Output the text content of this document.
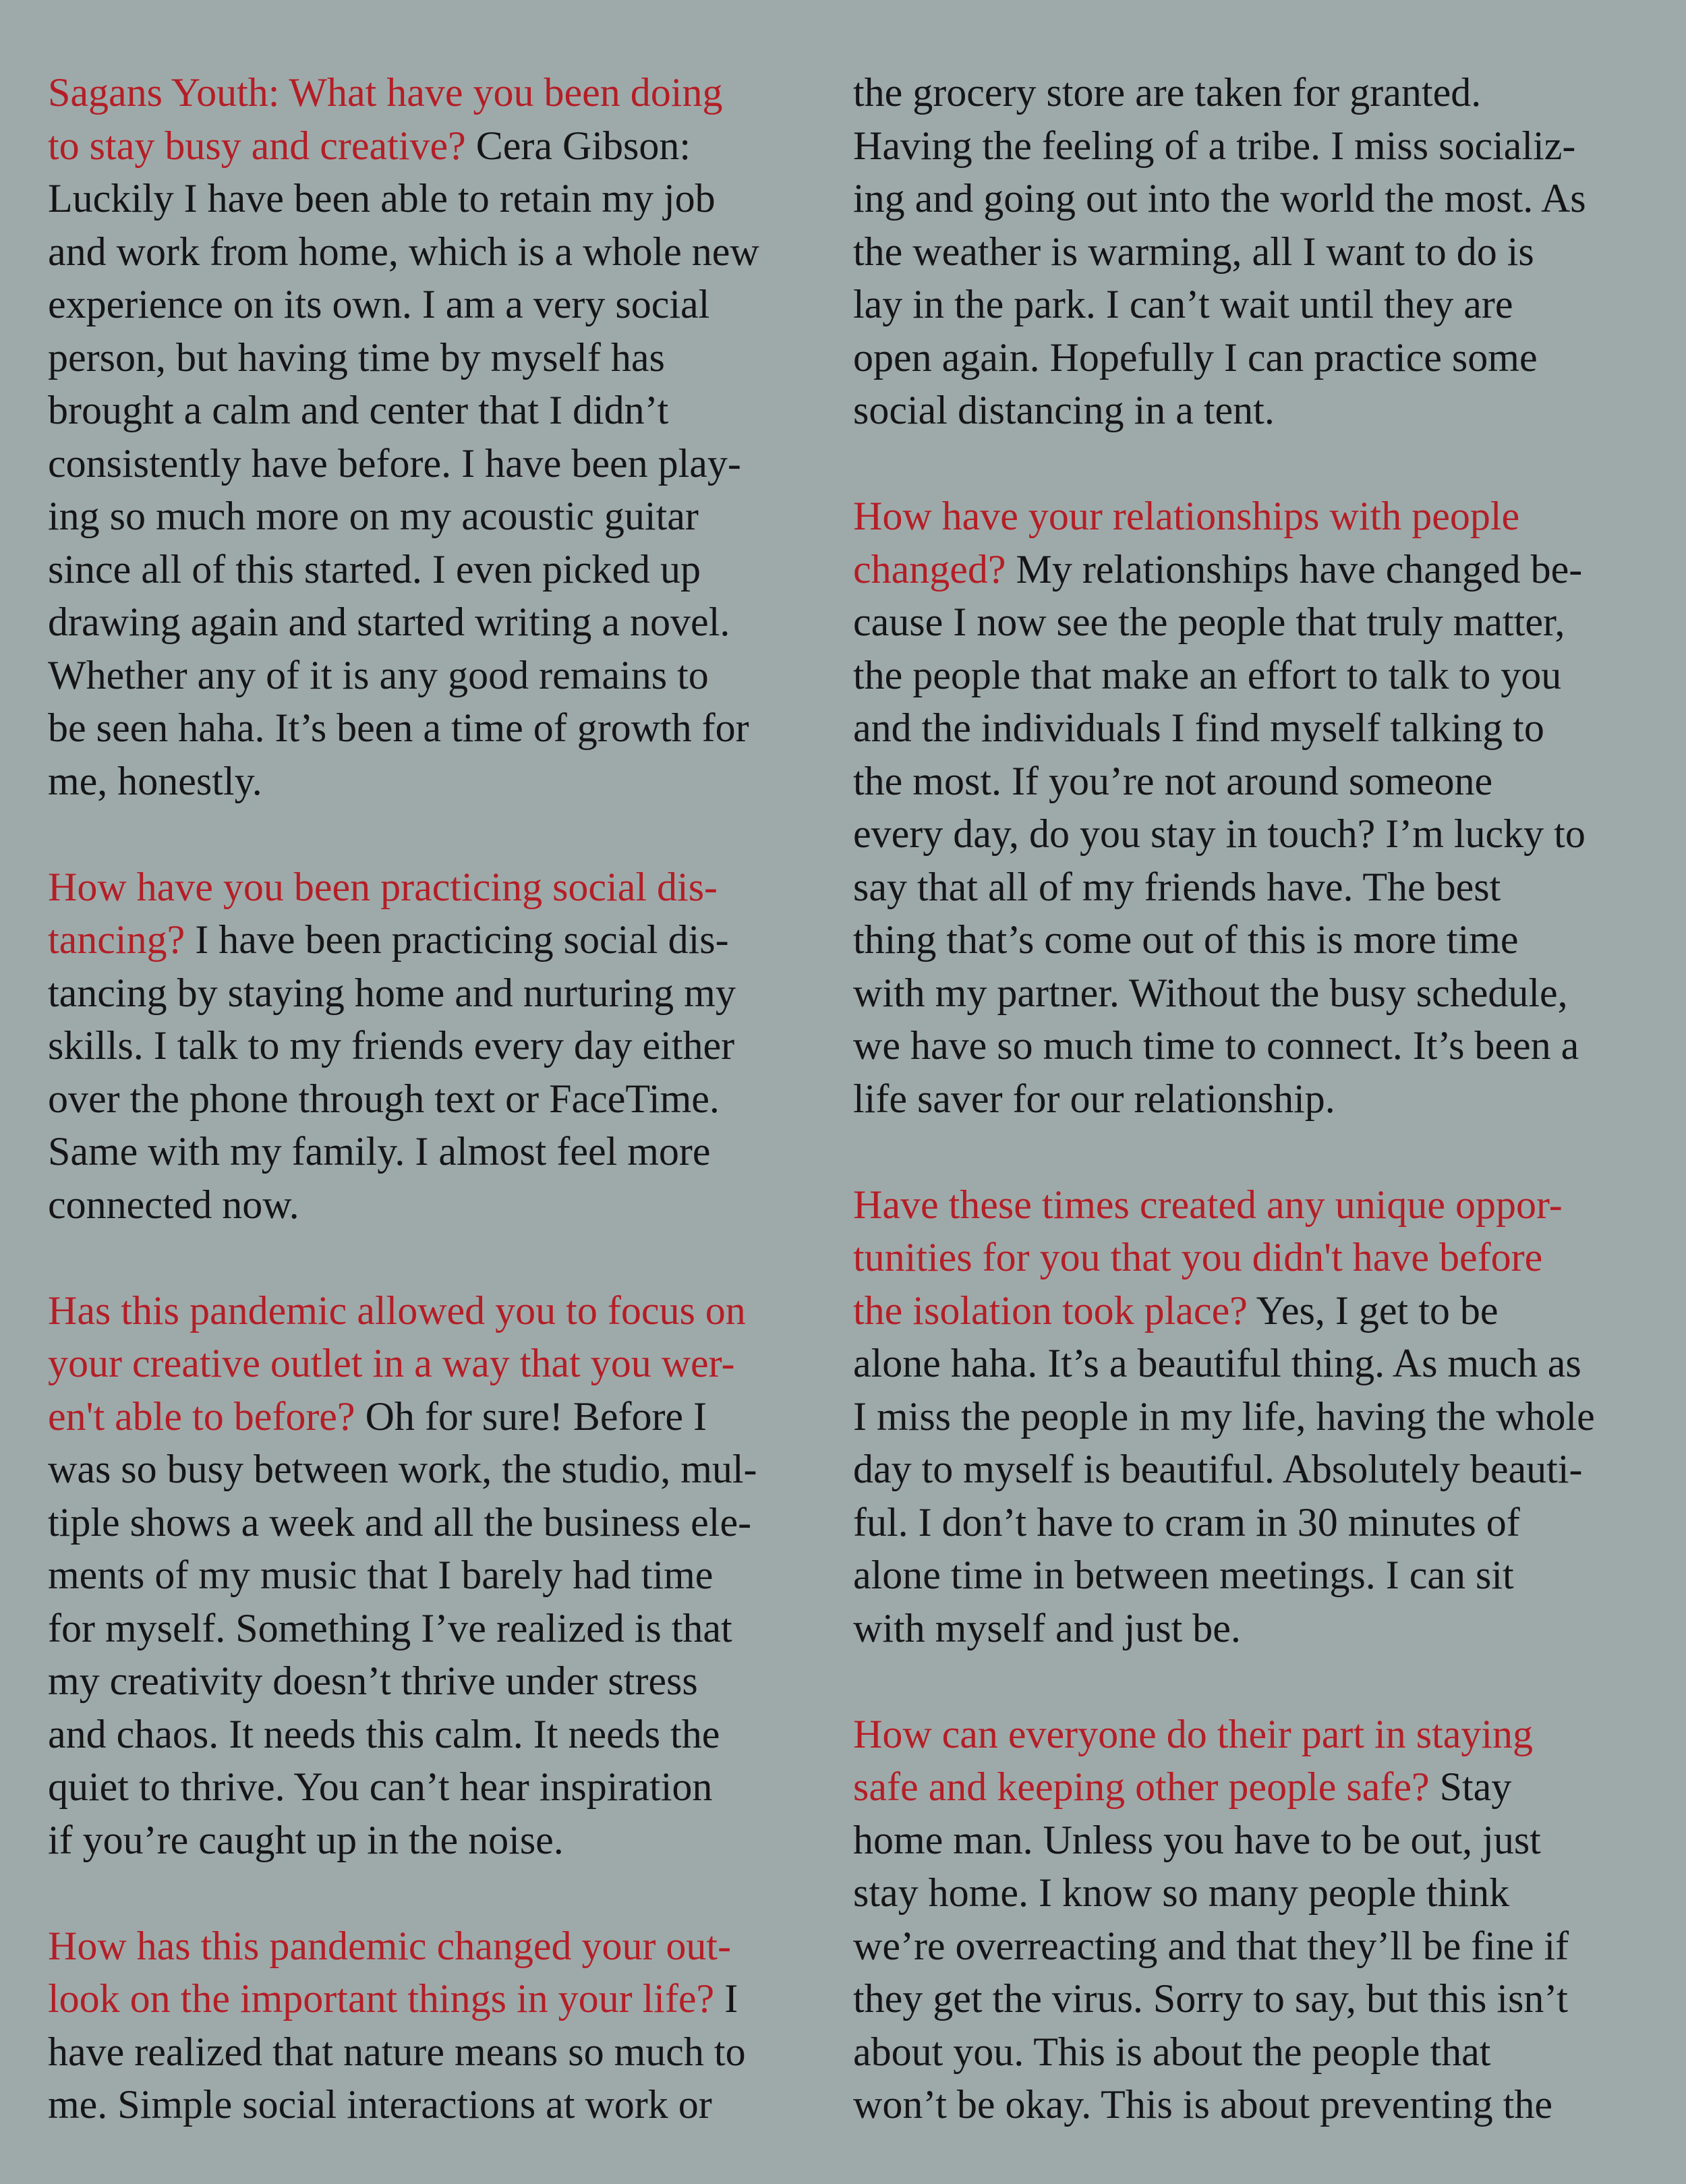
Sagans Youth: What have you been doing
to stay busy and creative? Cera Gibson:
Luckily I have been able to retain my job
and work from home, which is a whole new
experience on its own. I am a very social
person, but having time by myself has
brought a calm and center that I didn’t
consistently have before. I have been play-
ing so much more on my acoustic guitar
since all of this started. I even picked up
drawing again and started writing a novel.
Whether any of it is any good remains to
be seen haha. It’s been a time of growth for
me, honestly.
How have you been practicing social dis-
tancing? I have been practicing social dis-
tancing by staying home and nurturing my
skills. I talk to my friends every day either
over the phone through text or FaceTime.
Same with my family. I almost feel more
connected now.
Has this pandemic allowed you to focus on
your creative outlet in a way that you wer-
en't able to before? Oh for sure! Before I
was so busy between work, the studio, mul-
tiple shows a week and all the business ele-
ments of my music that I barely had time
for myself. Something I’ve realized is that
my creativity doesn’t thrive under stress
and chaos. It needs this calm. It needs the
quiet to thrive. You can’t hear inspiration
if you’re caught up in the noise.
How has this pandemic changed your out-
look on the important things in your life? I
have realized that nature means so much to
me. Simple social interactions at work or
the grocery store are taken for granted.
Having the feeling of a tribe. I miss socializ-
ing and going out into the world the most. As
the weather is warming, all I want to do is
lay in the park. I can’t wait until they are
open again. Hopefully I can practice some
social distancing in a tent.
How have your relationships with people
changed? My relationships have changed be-
cause I now see the people that truly matter,
the people that make an effort to talk to you
and the individuals I find myself talking to
the most. If you’re not around someone
every day, do you stay in touch? I’m lucky to
say that all of my friends have. The best
thing that’s come out of this is more time
with my partner. Without the busy schedule,
we have so much time to connect. It’s been a
life saver for our relationship.
Have these times created any unique oppor-
tunities for you that you didn't have before
the isolation took place? Yes, I get to be
alone haha. It’s a beautiful thing. As much as
I miss the people in my life, having the whole
day to myself is beautiful. Absolutely beauti-
ful. I don’t have to cram in 30 minutes of
alone time in between meetings. I can sit
with myself and just be.
How can everyone do their part in staying
safe and keeping other people safe? Stay
home man. Unless you have to be out, just
stay home. I know so many people think
we’re overreacting and that they’ll be fine if
they get the virus. Sorry to say, but this isn’t
about you. This is about the people that
won’t be okay. This is about preventing the
